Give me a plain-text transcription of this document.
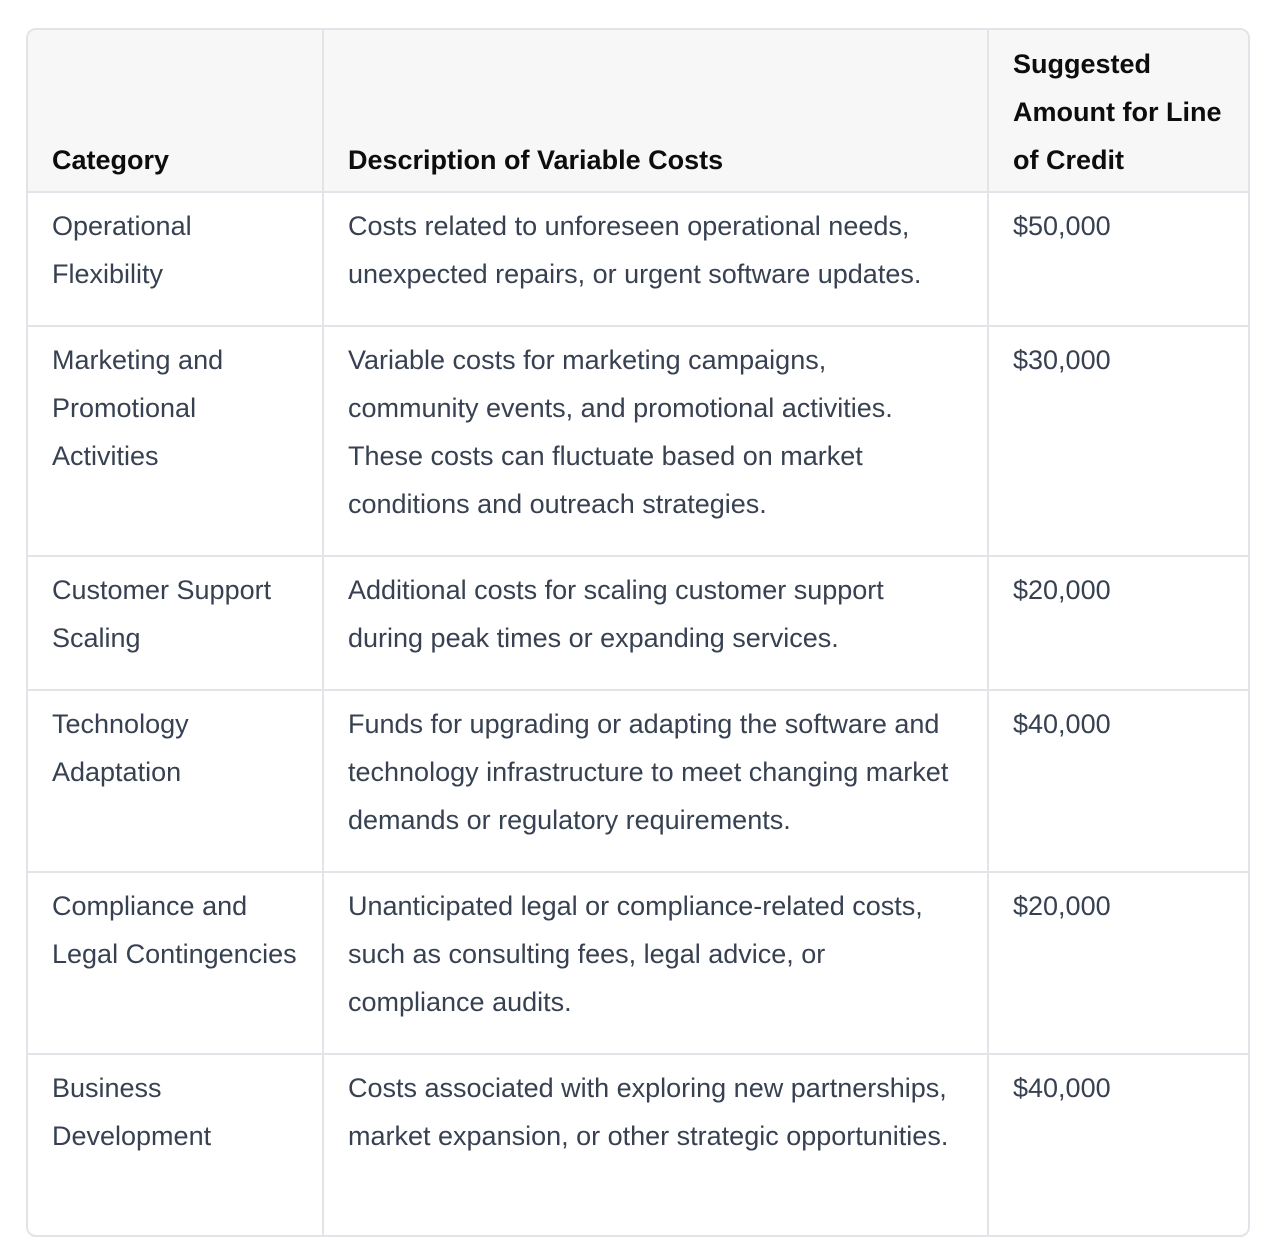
Category	Description of Variable Costs	Suggested Amount for Line of Credit
Operational Flexibility	Costs related to unforeseen operational needs, unexpected repairs, or urgent software updates.	$50,000
Marketing and Promotional Activities	Variable costs for marketing campaigns, community events, and promotional activities. These costs can fluctuate based on market conditions and outreach strategies.	$30,000
Customer Support Scaling	Additional costs for scaling customer support during peak times or expanding services.	$20,000
Technology Adaptation	Funds for upgrading or adapting the software and technology infrastructure to meet changing market demands or regulatory requirements.	$40,000
Compliance and Legal Contingencies	Unanticipated legal or compliance-related costs, such as consulting fees, legal advice, or compliance audits.	$20,000
Business Development	Costs associated with exploring new partnerships, market expansion, or other strategic opportunities.	$40,000
